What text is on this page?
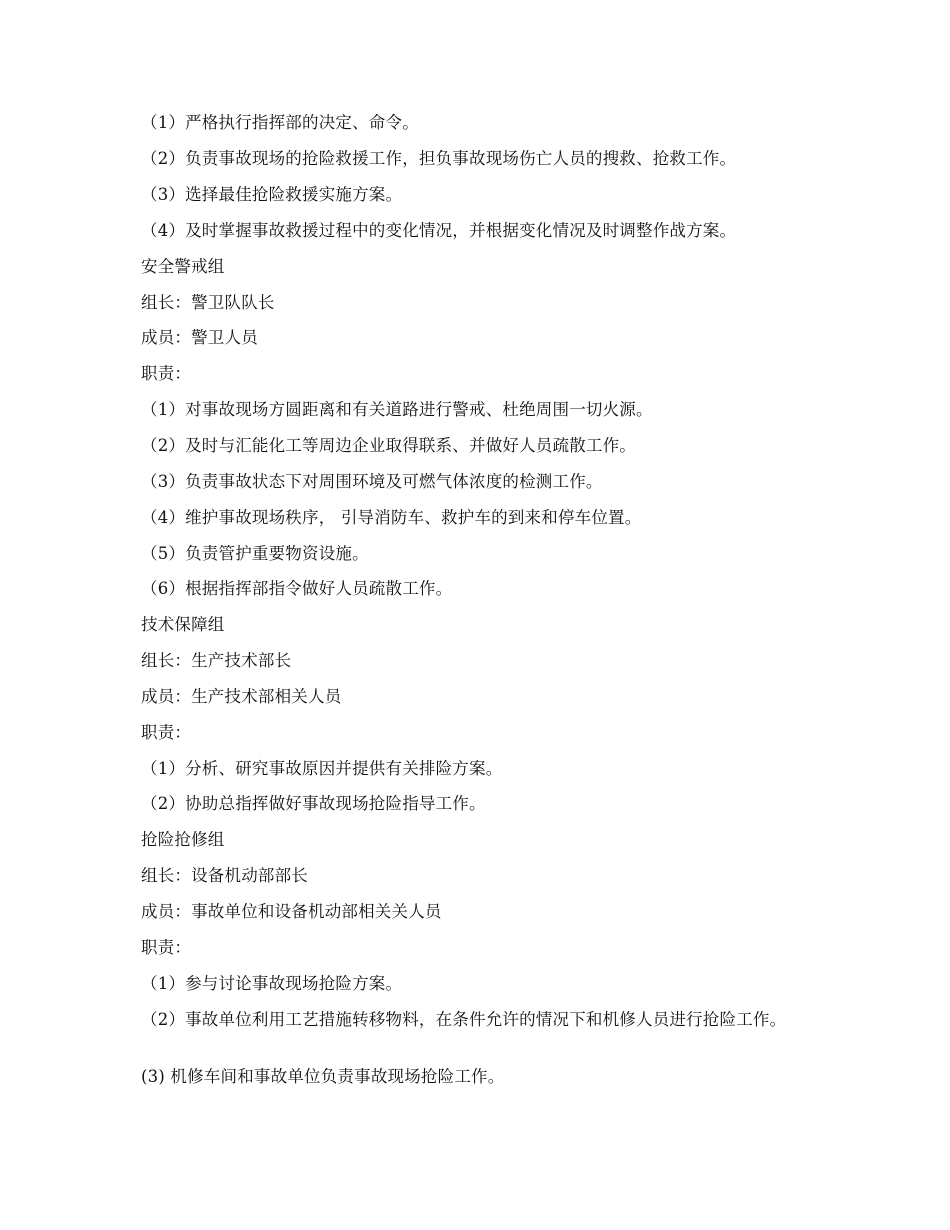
（1）严格执行指挥部的决定、命令。
（2）负责事故现场的抢险救援工作，担负事故现场伤亡人员的搜救、抢救工作。
（3）选择最佳抢险救援实施方案。
（4）及时掌握事故救援过程中的变化情况，并根据变化情况及时调整作战方案。
安全警戒组
组长：警卫队队长
成员：警卫人员
职责：
（1）对事故现场方圆距离和有关道路进行警戒、杜绝周围一切火源。
（2）及时与汇能化工等周边企业取得联系、并做好人员疏散工作。
（3）负责事故状态下对周围环境及可燃气体浓度的检测工作。
（4）维护事故现场秩序， 引导消防车、救护车的到来和停车位置。
（5）负责管护重要物资设施。
（6）根据指挥部指令做好人员疏散工作。
技术保障组
组长：生产技术部长
成员：生产技术部相关人员
职责：
（1）分析、研究事故原因并提供有关排险方案。
（2）协助总指挥做好事故现场抢险指导工作。
抢险抢修组
组长：设备机动部部长
成员：事故单位和设备机动部相关关人员
职责：
（1）参与讨论事故现场抢险方案。
（2）事故单位利用工艺措施转移物料，在条件允许的情况下和机修人员进行抢险工作。
(3) 机修车间和事故单位负责事故现场抢险工作。
